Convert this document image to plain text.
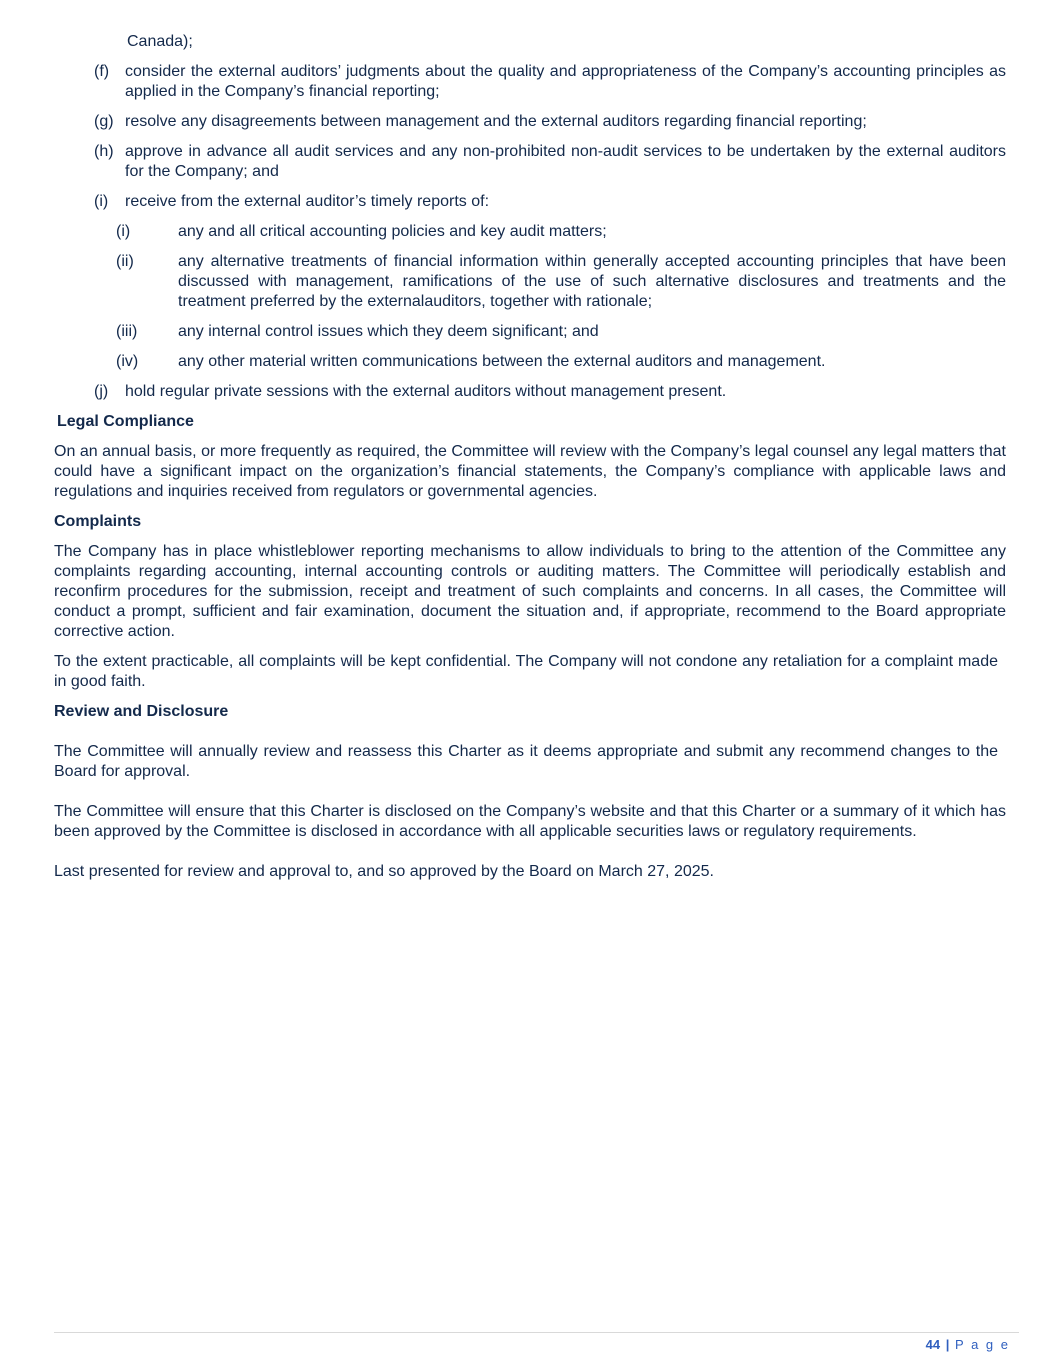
Canada);
(f) consider the external auditors’ judgments about the quality and appropriateness of the Company’s accounting principles as applied in the Company’s financial reporting;
(g) resolve any disagreements between management and the external auditors regarding financial reporting;
(h) approve in advance all audit services and any non-prohibited non-audit services to be undertaken by the external auditors for the Company; and
(i) receive from the external auditor’s timely reports of:
(i)	any and all critical accounting policies and key audit matters;
(ii)	any alternative treatments of financial information within generally accepted accounting principles that have been discussed with management, ramifications of the use of such alternative disclosures and treatments and the treatment preferred by the externalauditors, together with rationale;
(iii)	any internal control issues which they deem significant; and
(iv) any other material written communications between the external auditors and management.
(j) hold regular private sessions with the external auditors without management present.
Legal Compliance

On an annual basis, or more frequently as required, the Committee will review with the Company’s legal counsel any legal matters that could have a significant impact on the organization’s financial statements, the Company’s compliance with applicable laws and regulations and inquiries received from regulators or governmental agencies.

Complaints

The Company has in place whistleblower reporting mechanisms to allow individuals to bring to the attention of the Committee any complaints regarding accounting, internal accounting controls or auditing matters. The Committee will periodically establish and reconfirm procedures for the submission, receipt and treatment of such complaints and concerns. In all cases, the Committee will conduct a prompt, sufficient and fair examination, document the situation and, if appropriate, recommend to the Board appropriate corrective action.

To the extent practicable, all complaints will be kept confidential. The Company will not condone any retaliation for a complaint made in good faith.

Review and Disclosure

The Committee will annually review and reassess this Charter as it deems appropriate and submit any recommend changes to the Board for approval.

The Committee will ensure that this Charter is disclosed on the Company’s website and that this Charter or a summary of it which has been approved by the Committee is disclosed in accordance with all applicable securities laws or regulatory requirements.

Last presented for review and approval to, and so approved by the Board on March 27, 2025.

44 | P a g e
